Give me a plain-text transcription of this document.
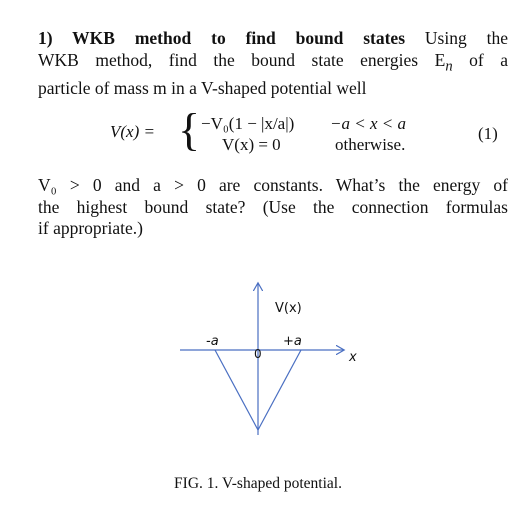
1) WKB method to find bound states Using the
WKB method, find the bound state energies $E_n$ of a
particle of mass m in a V-shaped potential well
V(x) = { −V₀(1 − |x/a|)
V(x) = 0
−a < x < a
otherwise.
(1)
V₀ > 0 and a > 0 are constants. What’s the energy of
the highest bound state? (Use the connection formulas
if appropriate.)
V(x)
x
-a	+a
0
FIG. 1. V-shaped potential.
